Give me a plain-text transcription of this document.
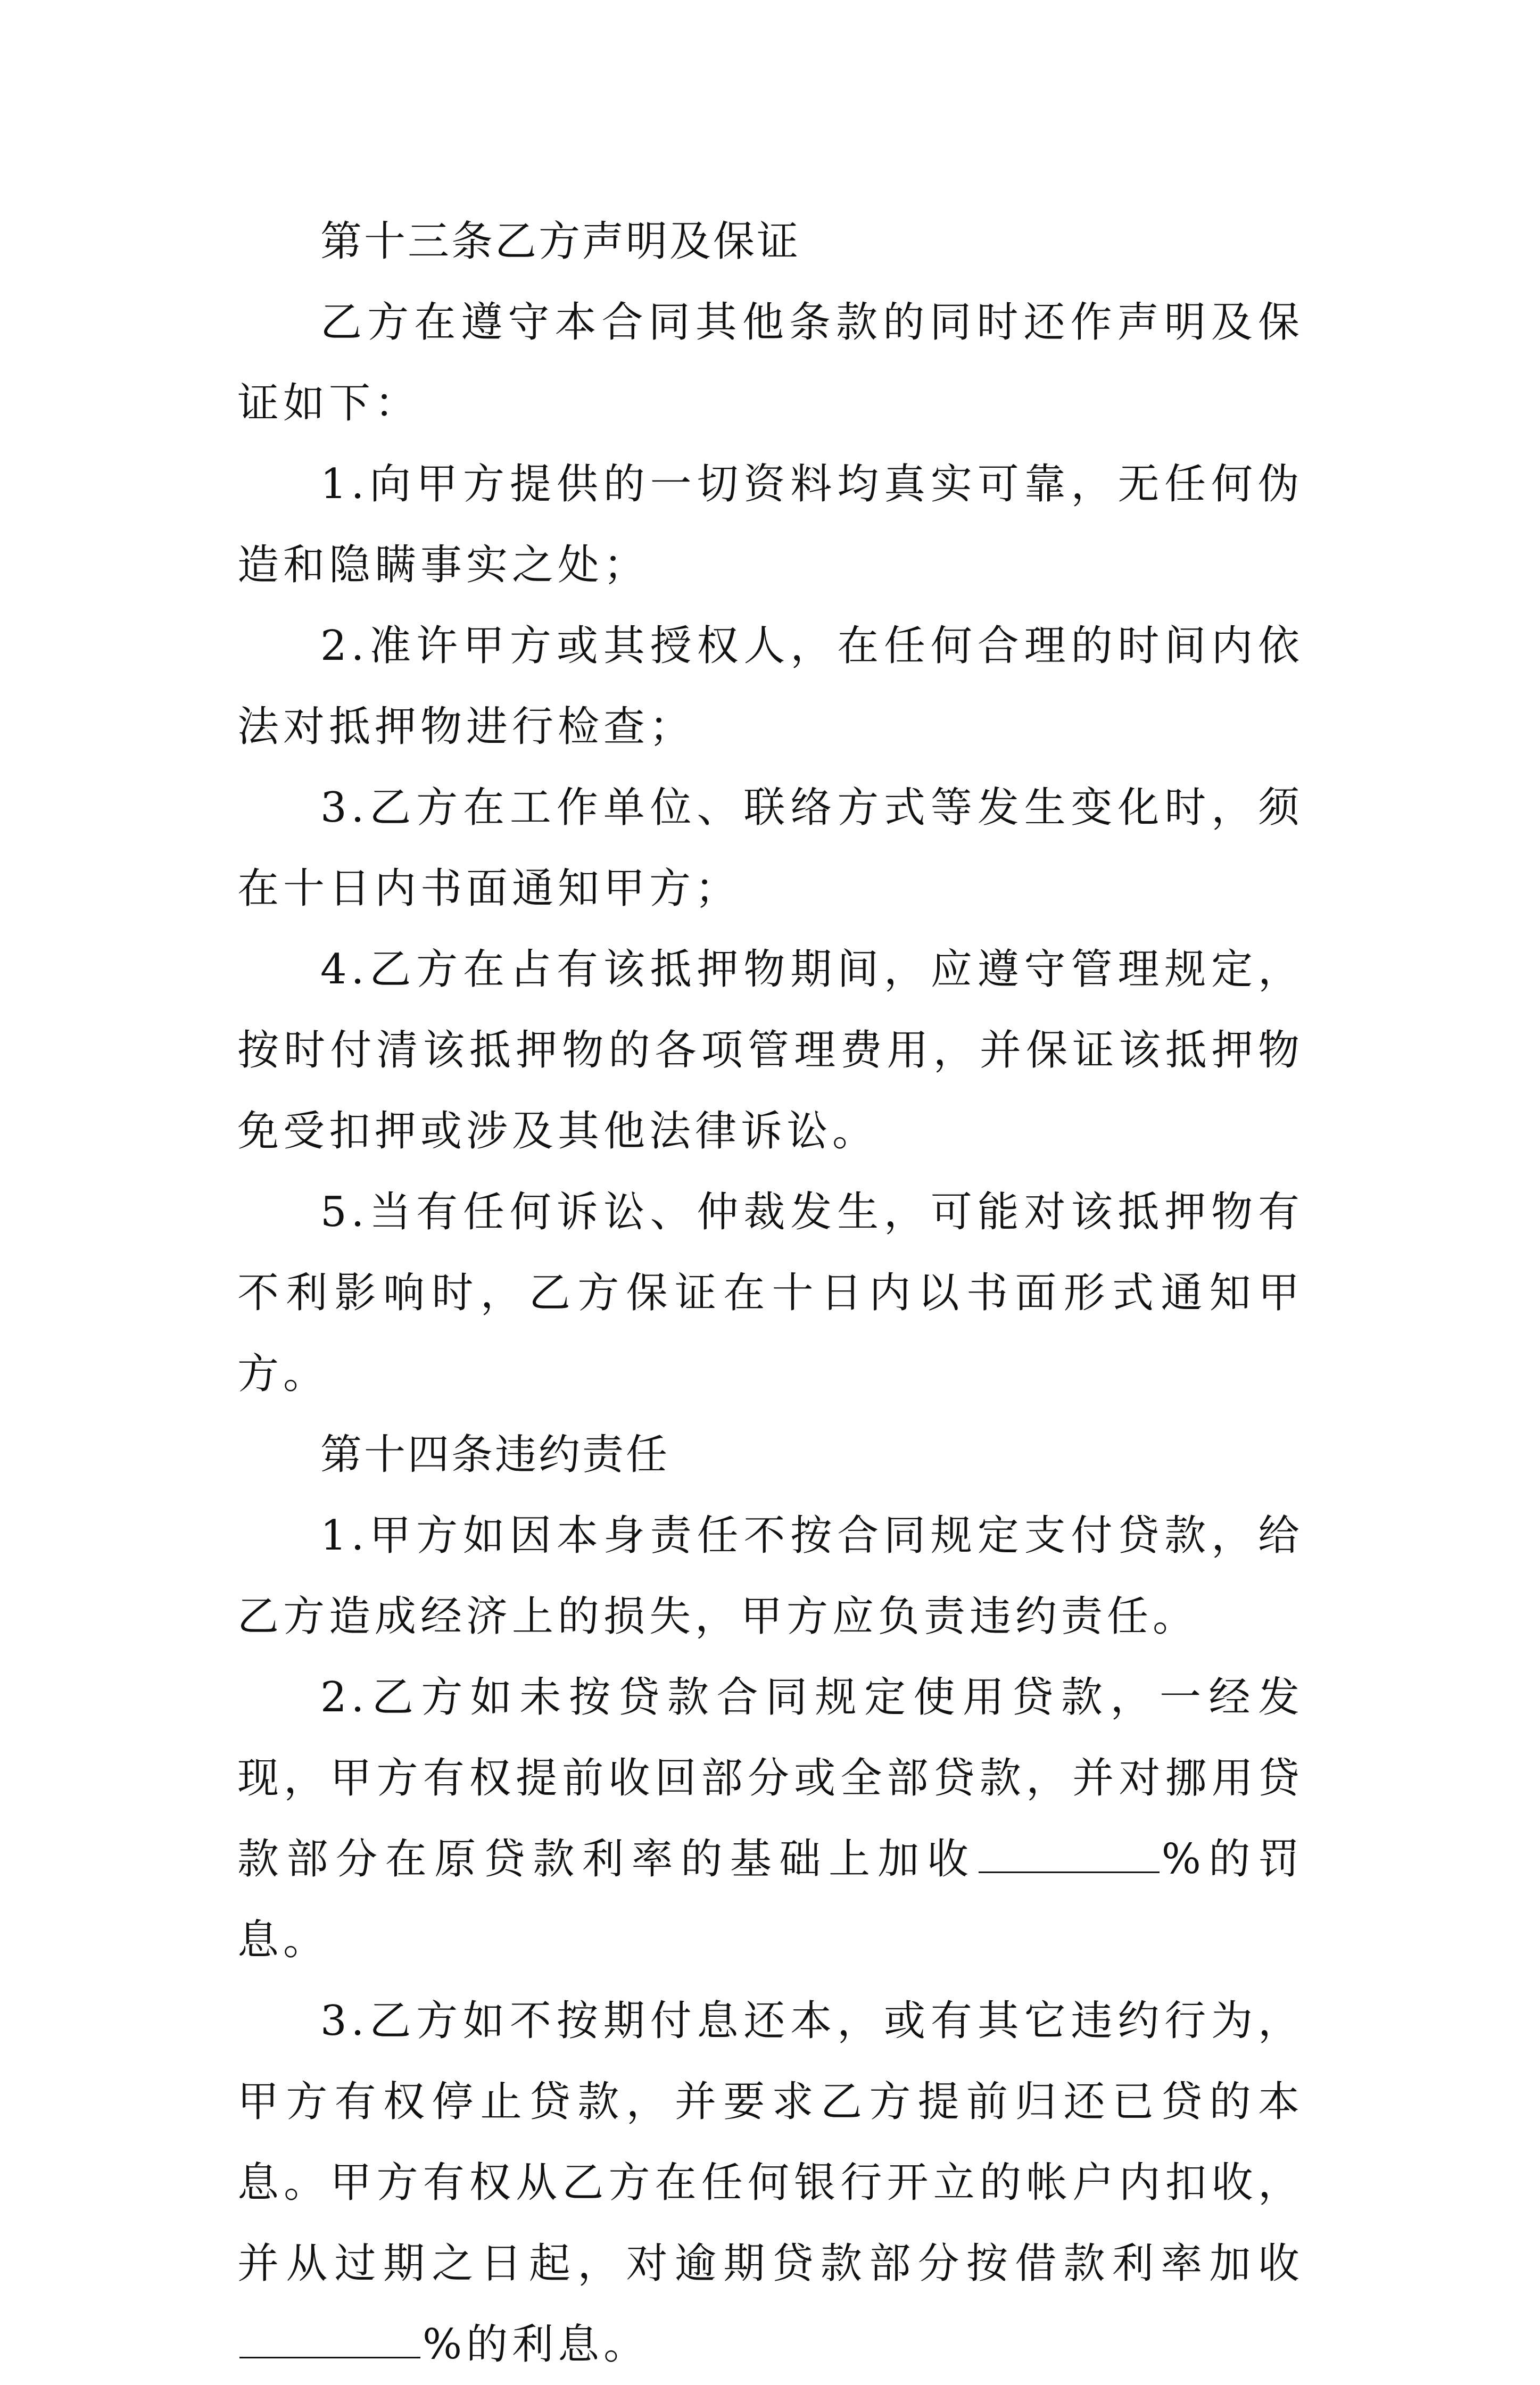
第十三条乙方声明及保证

乙方在遵守本合同其他条款的同时还作声明及保证如下：

1.向甲方提供的一切资料均真实可靠，无任何伪造和隐瞒事实之处；

2.准许甲方或其授权人，在任何合理的时间内依法对抵押物进行检查；

3.乙方在工作单位、联络方式等发生变化时，须在十日内书面通知甲方；

4.乙方在占有该抵押物期间，应遵守管理规定，按时付清该抵押物的各项管理费用，并保证该抵押物免受扣押或涉及其他法律诉讼。

5.当有任何诉讼、仲裁发生，可能对该抵押物有不利影响时，乙方保证在十日内以书面形式通知甲方。

第十四条违约责任

1.甲方如因本身责任不按合同规定支付贷款，给乙方造成经济上的损失，甲方应负责违约责任。

2.乙方如未按贷款合同规定使用贷款，一经发现，甲方有权提前收回部分或全部贷款，并对挪用贷款部分在原贷款利率的基础上加收	%的罚息。

3.乙方如不按期付息还本，或有其它违约行为，甲方有权停止贷款，并要求乙方提前归还已贷的本息。甲方有权从乙方在任何银行开立的帐户内扣收，并从过期之日起，对逾期贷款部分按借款利率加收%的利息。
